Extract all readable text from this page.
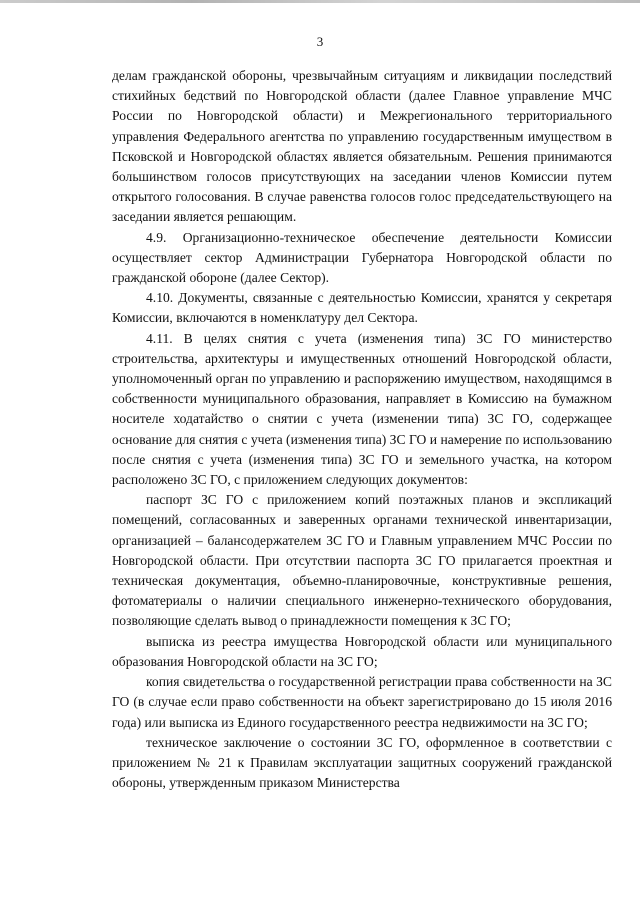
3

делам гражданской обороны, чрезвычайным ситуациям и ликвидации последствий стихийных бедствий по Новгородской области (далее Главное управление МЧС России по Новгородской области) и Межрегионального территориального управления Федерального агентства по управлению государственным имуществом в Псковской и Новгородской областях является обязательным. Решения принимаются большинством голосов присутствующих на заседании членов Комиссии путем открытого голосования. В случае равенства голосов голос председательствующего на заседании является решающим.

4.9. Организационно-техническое обеспечение деятельности Комиссии осуществляет сектор Администрации Губернатора Новгородской области по гражданской обороне (далее Сектор).

4.10. Документы, связанные с деятельностью Комиссии, хранятся у секретаря Комиссии, включаются в номенклатуру дел Сектора.

4.11. В целях снятия с учета (изменения типа) ЗС ГО министерство строительства, архитектуры и имущественных отношений Новгородской области, уполномоченный орган по управлению и распоряжению имуществом, находящимся в собственности муниципального образования, направляет в Комиссию на бумажном носителе ходатайство о снятии с учета (изменении типа) ЗС ГО, содержащее основание для снятия с учета (изменения типа) ЗС ГО и намерение по использованию после снятия с учета (изменения типа) ЗС ГО и земельного участка, на котором расположено ЗС ГО, с приложением следующих документов:

паспорт ЗС ГО с приложением копий поэтажных планов и экспликаций помещений, согласованных и заверенных органами технической инвентаризации, организацией – балансодержателем ЗС ГО и Главным управлением МЧС России по Новгородской области. При отсутствии паспорта ЗС ГО прилагается проектная и техническая документация, объемно-планировочные, конструктивные решения, фотоматериалы о наличии специального инженерно-технического оборудования, позволяющие сделать вывод о принадлежности помещения к ЗС ГО;

выписка из реестра имущества Новгородской области или муниципального образования Новгородской области на ЗС ГО;

копия свидетельства о государственной регистрации права собственности на ЗС ГО (в случае если право собственности на объект зарегистрировано до 15 июля 2016 года) или выписка из Единого государственного реестра недвижимости на ЗС ГО;

техническое заключение о состоянии ЗС ГО, оформленное в соответствии с приложением № 21 к Правилам эксплуатации защитных сооружений гражданской обороны, утвержденным приказом Министерства
